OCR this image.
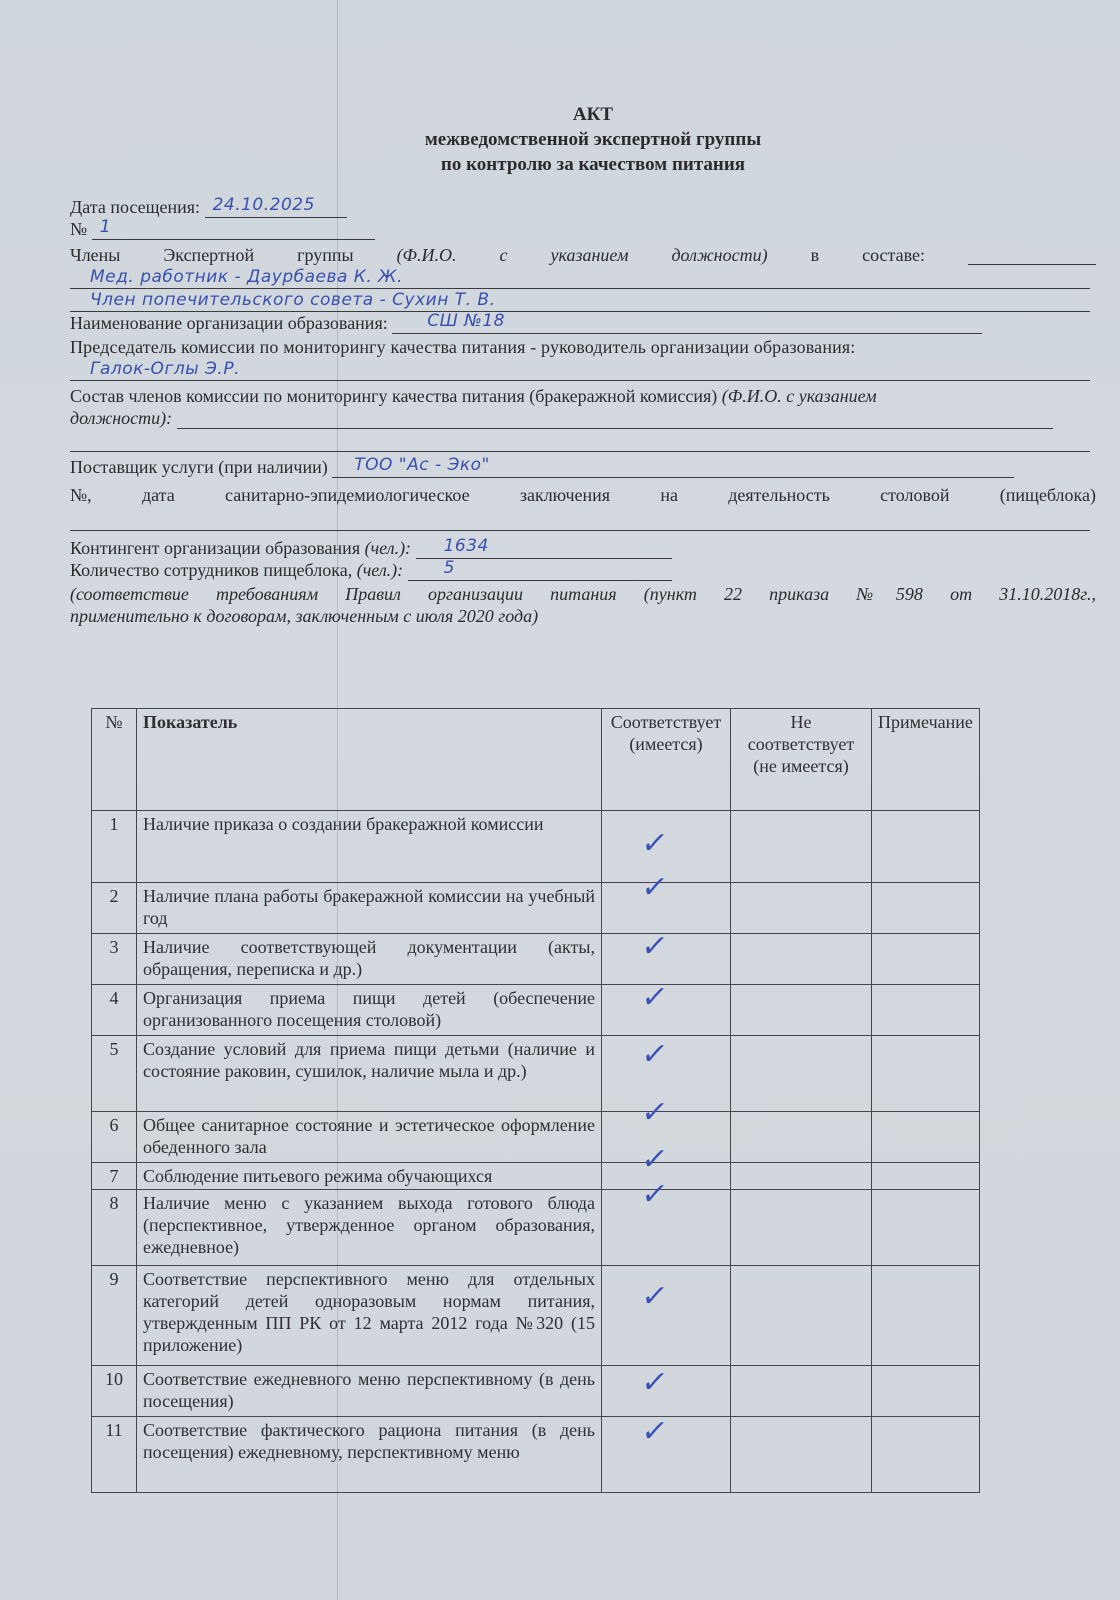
АКТ
межведомственной экспертной группы
по контролю за качеством питания
Дата посещения: 24.10.2025
№ 1
Члены Экспертной группы (Ф.И.О. с указанием должности) в составе:
Мед. работник - Даурбаева К. Ж.
Член попечительского совета - Сухин Т. В.
Наименование организации образования: СШ №18
Председатель комиссии по мониторингу качества питания - руководитель организации образования:
Галок-Оглы Э.Р.
Состав членов комиссии по мониторингу качества питания (бракеражной комиссия) (Ф.И.О. с указанием
должности):
Поставщик услуги (при наличии) ТОО "Ас - Эко"
№,	дата	санитарно-эпидемиологическое	заключения	на	деятельность	столовой	(пищеблока)
Контингент организации образования (чел.): 1634
Количество сотрудников пищеблока, (чел.): 5
(соответствие требованиям Правил организации питания (пункт 22 приказа №598 от 31.10.2018г.,
применительно к договорам, заключенным с июля 2020 года)
№	Показатель	Соответствует (имеется)	Не соответствует (не имеется)	Примечание
1	Наличие приказа о создании бракеражной комиссии	✓		

2	Наличие плана работы бракеражной комиссии на учебный год	✓		

3	Наличие соответствующей документации (акты, обращения, переписка и др.)	✓		

4	Организация приема пищи детей (обеспечение организованного посещения столовой)	✓		

5	Создание условий для приема пищи детьми (наличие и состояние раковин, сушилок, наличие мыла и др.)	✓		

6	Общее санитарное состояние и эстетическое оформление обеденного зала	✓		

7	Соблюдение питьевого режима обучающихся	✓		

8	Наличие меню с указанием выхода готового блюда (перспективное, утвержденное органом образования, ежедневное)	✓		

9	Соответствие перспективного меню для отдельных категорий детей одноразовым нормам питания, утвержденным ПП РК от 12 марта 2012 года №320 (15 приложение)	✓		

10	Соответствие ежедневного меню перспективному (в день посещения)	✓		

11	Соответствие фактического рациона питания (в день посещения) ежедневному, перспективному меню	✓		
